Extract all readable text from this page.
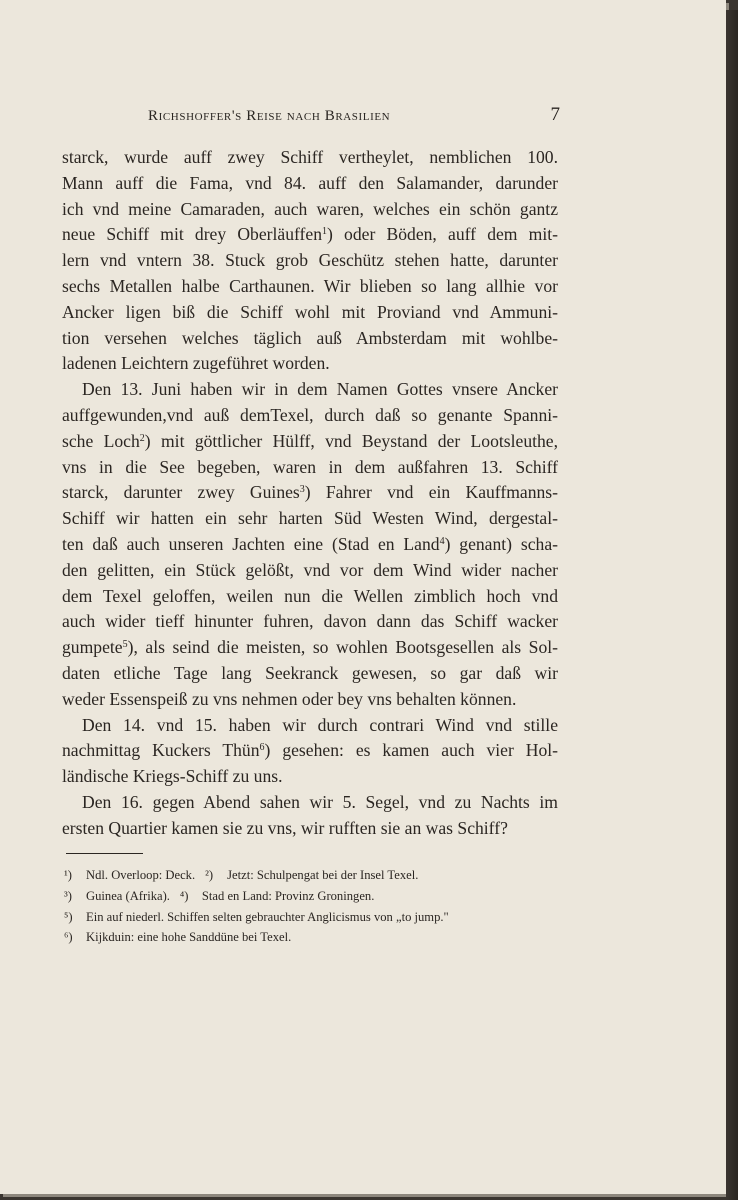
Richshoffer's Reise nach Brasilien	7
starck, wurde auff zwey Schiff vertheylet, nemblichen 100.
Mann auff die Fama, vnd 84. auff den Salamander, darunder
ich vnd meine Camaraden, auch waren, welches ein schön gantz
neue Schiff mit drey Oberläuffen$^1$) oder Böden, auff dem mit-
lern vnd vntern 38. Stuck grob Geschütz stehen hatte, darunter
sechs Metallen halbe Carthaunen. Wir blieben so lang allhie vor
Ancker ligen biß die Schiff wohl mit Proviand vnd Ammuni-
tion versehen welches täglich auß Ambsterdam mit wohlbe-
ladenen Leichtern zugeführet worden.
Den 13. Juni haben wir in dem Namen Gottes vnsere Ancker
auffgewunden,vnd auß demTexel, durch daß so genante Spanni-
sche Loch$^2$) mit göttlicher Hülff, vnd Beystand der Lootsleuthe,
vns in die See begeben, waren in dem außfahren 13. Schiff
starck, darunter zwey Guines$^3$) Fahrer vnd ein Kauffmanns-
Schiff wir hatten ein sehr harten Süd Westen Wind, dergestal-
ten daß auch unseren Jachten eine (Stad en Land$^4$) genant) scha-
den gelitten, ein Stück gelößt, vnd vor dem Wind wider nacher
dem Texel geloffen, weilen nun die Wellen zimblich hoch vnd
auch wider tieff hinunter fuhren, davon dann das Schiff wacker
gumpete$^5$), als seind die meisten, so wohlen Bootsgesellen als Sol-
daten etliche Tage lang Seekranck gewesen, so gar daß wir
weder Essenspeiß zu vns nehmen oder bey vns behalten können.
Den 14. vnd 15. haben wir durch contrari Wind vnd stille
nachmittag Kuckers Thün$^6$) gesehen: es kamen auch vier Hol-
ländische Kriegs-Schiff zu uns.
Den 16. gegen Abend sahen wir 5. Segel, vnd zu Nachts im
ersten Quartier kamen sie zu vns, wir rufften sie an was Schiff?
¹) Ndl. Overloop: Deck. ²) Jetzt: Schulpengat bei der Insel Texel.
³) Guinea (Afrika). ⁴) Stad en Land: Provinz Groningen.
⁵) Ein auf niederl. Schiffen selten gebrauchter Anglicismus von „to jump."
⁶) Kijkduin: eine hohe Sanddüne bei Texel.
